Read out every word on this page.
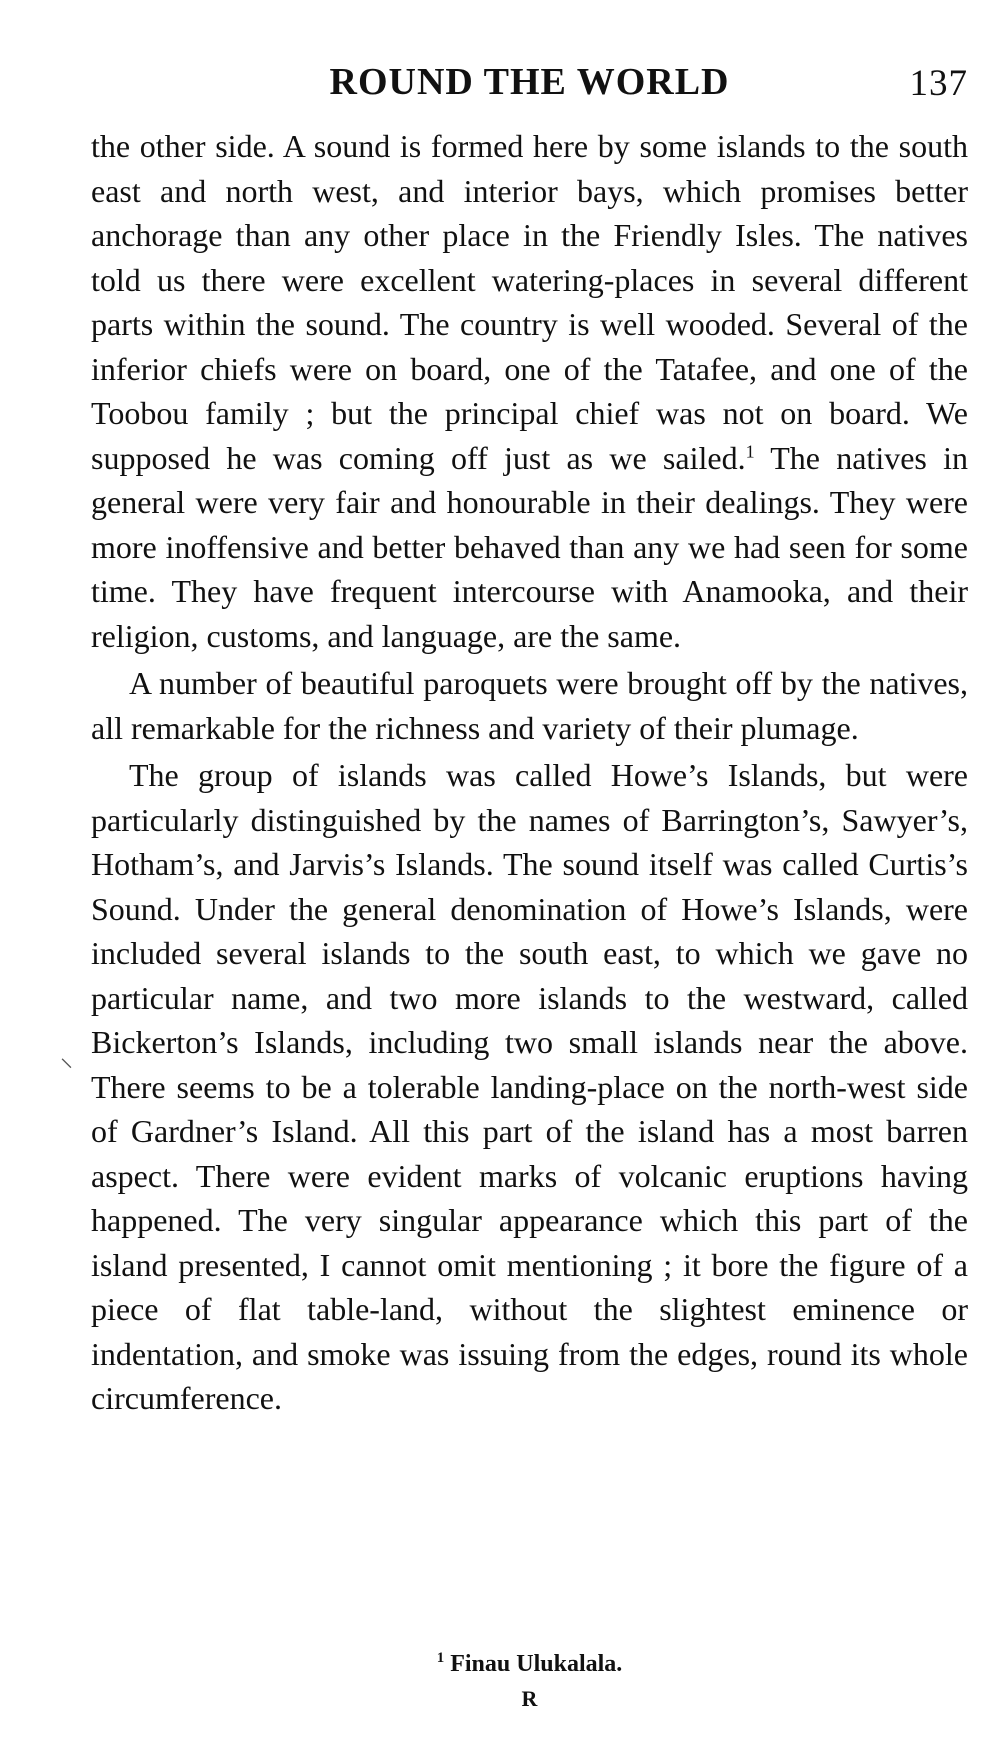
ROUND THE WORLD	137
⸜

the other side. A sound is formed here by some islands to the south east and north west, and interior bays, which promises better anchorage than any other place in the Friendly Isles. The natives told us there were excellent watering-places in several different parts within the sound. The country is well wooded. Several of the inferior chiefs were on board, one of the Tatafee, and one of the Toobou family ; but the principal chief was not on board. We supposed he was coming off just as we sailed.$^1$ The natives in general were very fair and honourable in their dealings. They were more inoffensive and better behaved than any we had seen for some time. They have frequent intercourse with Anamooka, and their religion, customs, and language, are the same.

A number of beautiful paroquets were brought off by the natives, all remarkable for the richness and variety of their plumage.

The group of islands was called Howe’s Islands, but were particularly distinguished by the names of Barrington’s, Sawyer’s, Hotham’s, and Jarvis’s Islands. The sound itself was called Curtis’s Sound. Under the general denomination of Howe’s Islands, were included several islands to the south east, to which we gave no particular name, and two more islands to the westward, called Bickerton’s Islands, including two small islands near the above. There seems to be a tolerable landing-place on the north-west side of Gardner’s Island. All this part of the island has a most barren aspect. There were evident marks of volcanic eruptions having happened. The very singular appearance which this part of the island presented, I cannot omit mentioning ; it bore the figure of a piece of flat table-land, without the slightest eminence or indentation, and smoke was issuing from the edges, round its whole circumference.

$^1$ Finau Ulukalala.
R
